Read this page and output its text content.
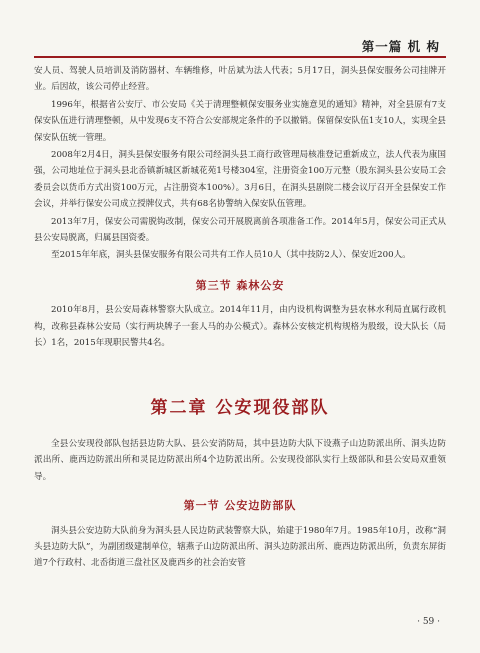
第一篇 机 构

安人员、驾驶人员培训及消防器材、车辆维修，叶岳斌为法人代表；5月17日，洞头县保安服务公司挂牌开业。后因故，该公司停止经营。

1996年，根据省公安厅、市公安局《关于清理整顿保安服务业实施意见的通知》精神，对全县原有7支保安队伍进行清理整顿，从中发现6支不符合公安部规定条件的予以撤销。保留保安队伍1支10人，实现全县保安队伍统一管理。

2008年2月4日，洞头县保安服务有限公司经洞头县工商行政管理局核准登记重新成立，法人代表为康国强，公司地址位于洞头县北岙镇新城区新城花苑1号楼304室，注册资金100万元整（股东洞头县公安局工会委员会以货币方式出资100万元，占注册资本100%）。3月6日，在洞头县剧院二楼会议厅召开全县保安工作会议，并举行保安公司成立授牌仪式，共有68名协警纳入保安队伍管理。

2013年7月，保安公司需脱钩改制，保安公司开展脱离前各项准备工作。2014年5月，保安公司正式从县公安局脱离，归属县国资委。

至2015年年底，洞头县保安服务有限公司共有工作人员10人（其中技防2人）、保安近200人。

第三节 森林公安

2010年8月，县公安局森林警察大队成立。2014年11月，由内设机构调整为县农林水利局直属行政机构，改称县森林公安局（实行两块牌子一套人马的办公模式）。森林公安核定机构规格为股级，设大队长（局长）1名，2015年现职民警共4名。

第二章 公安现役部队

全县公安现役部队包括县边防大队、县公安消防局，其中县边防大队下设燕子山边防派出所、洞头边防派出所、鹿西边防派出所和灵昆边防派出所4个边防派出所。公安现役部队实行上级部队和县公安局双重领导。

第一节 公安边防部队

洞头县公安边防大队前身为洞头县人民边防武装警察大队，始建于1980年7月。1985年10月，改称“洞头县边防大队”，为副团级建制单位，辖燕子山边防派出所、洞头边防派出所、鹿西边防派出所，负责东屏街道7个行政村、北岙街道三盘社区及鹿西乡的社会治安管

· 59 ·
